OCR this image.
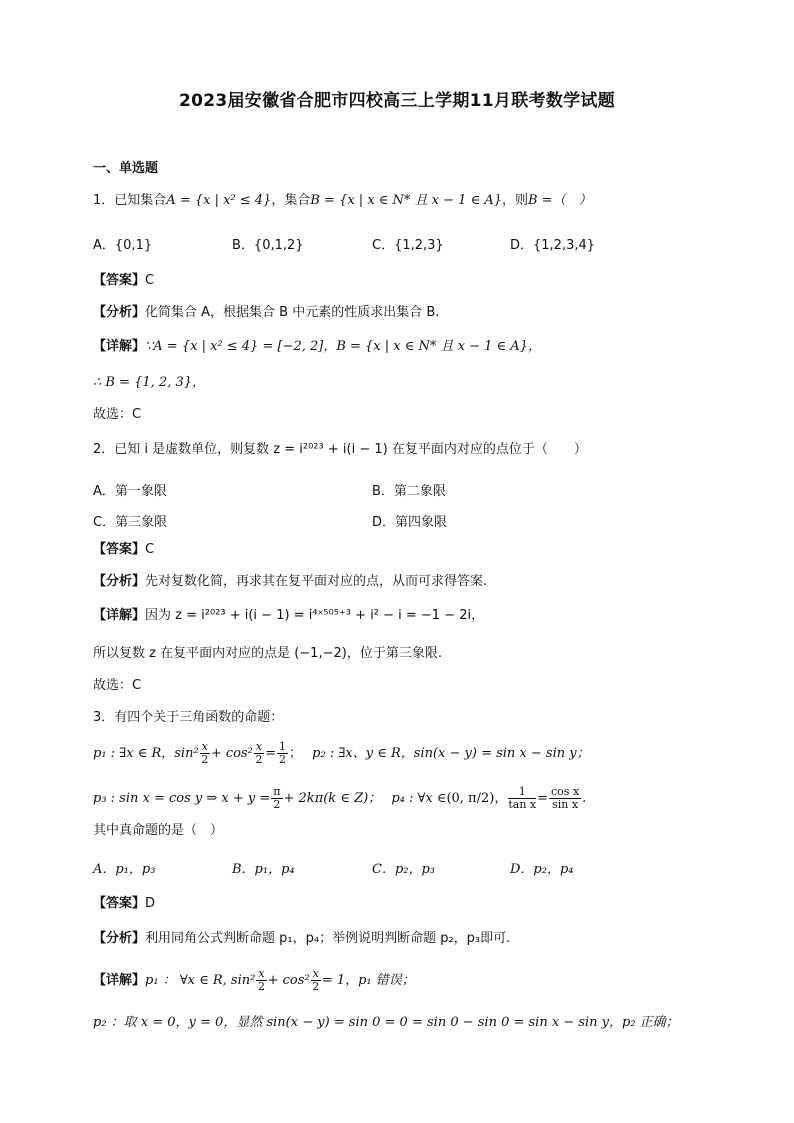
2023届安徽省合肥市四校高三上学期11月联考数学试题
一、单选题
1．已知集合A = {x | x² ≤ 4}，集合B = {x | x ∈ N* 且 x − 1 ∈ A}，则B =（　）
A．{0,1}	B．{0,1,2}	C．{1,2,3}	D．{1,2,3,4}
【答案】C
【分析】化简集合 A，根据集合 B 中元素的性质求出集合 B.
【详解】∵A = {x | x² ≤ 4} = [−2, 2]，B = {x | x ∈ N* 且 x − 1 ∈ A}，
∴ B = {1, 2, 3}，
故选：C
2．已知 i 是虚数单位，则复数 z = i²⁰²³ + i(i − 1) 在复平面内对应的点位于（　　）
A．第一象限	B．第二象限
C．第三象限	D．第四象限
【答案】C
【分析】先对复数化简，再求其在复平面对应的点，从而可求得答案.
【详解】因为 z = i²⁰²³ + i(i − 1) = i⁴ˣ⁵⁰⁵⁺³ + i² − i = −1 − 2i，
所以复数 z 在复平面内对应的点是 (−1,−2)，位于第三象限.
故选：C
3．有四个关于三角函数的命题：
p₁ : ∃x ∈ R，$\sin^2 \frac{x}{2} + \cos^2 \frac{x}{2} = \frac{1}{2}$ ； p₂ : ∃x、y ∈ R，sin(x − y) = sin x − sin y；
p₃ : sin x = cos y ⇒ $x + y = \frac{\pi}{2} + 2k\pi(k$ ∈ Z)； p₄ : ∀x ∈(0, π/2)， $\frac{1}{\text{tan x}} = \frac{\text{cos x}}{\text{sin x}}$ .
其中真命题的是（　）
A．p₁，p₃	B．p₁，p₄	C．p₂，p₃	D．p₂，p₄
【答案】D
【分析】利用同角公式判断命题 p₁，p₄；举例说明判断命题 p₂，p₃即可.
【详解】p₁ ： ∀x ∈ R, $\sin^2 \frac{x}{2} + \cos^2 \frac{x}{2} = 1$，p₁ 错误；
p₂ ：取 x = 0，y = 0，显然 sin(x − y) = sin 0 = 0 = sin 0 − sin 0 = sin x − sin y，p₂ 正确；
